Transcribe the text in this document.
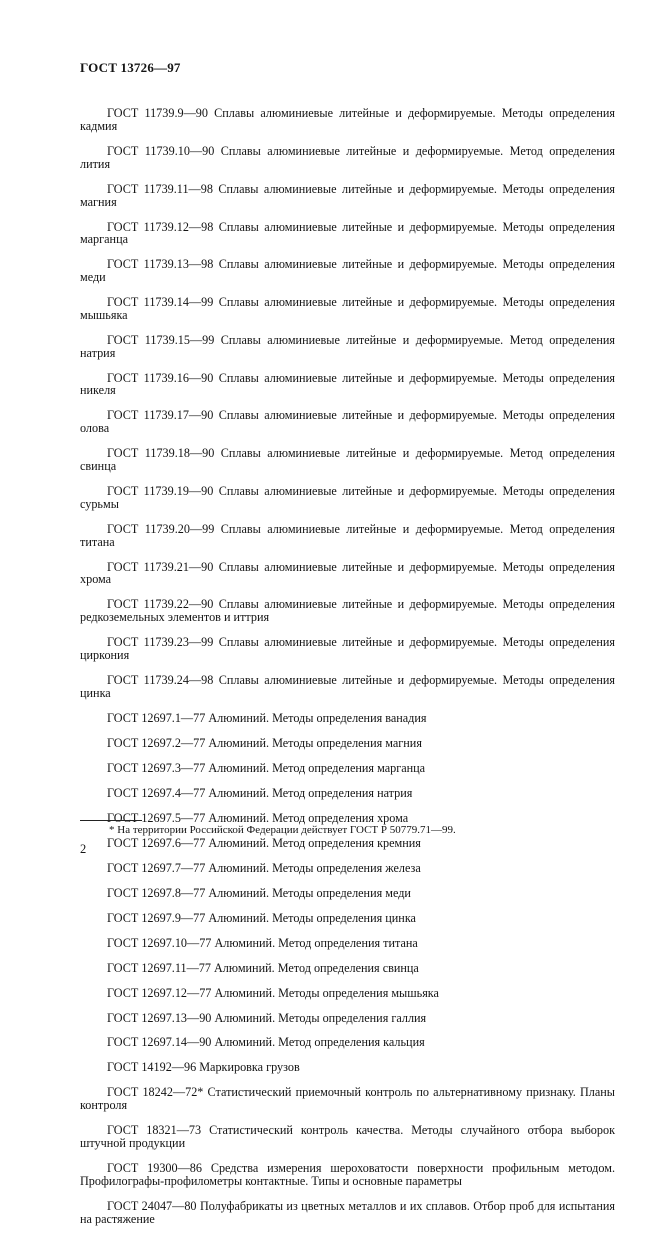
ГОСТ 13726—97

ГОСТ 11739.9—90 Сплавы алюминиевые литейные и деформируемые. Методы определения кадмия

ГОСТ 11739.10—90 Сплавы алюминиевые литейные и деформируемые. Метод определения лития

ГОСТ 11739.11—98 Сплавы алюминиевые литейные и деформируемые. Методы определения магния

ГОСТ 11739.12—98 Сплавы алюминиевые литейные и деформируемые. Методы определения марганца

ГОСТ 11739.13—98 Сплавы алюминиевые литейные и деформируемые. Методы определения меди

ГОСТ 11739.14—99 Сплавы алюминиевые литейные и деформируемые. Методы определения мышьяка

ГОСТ 11739.15—99 Сплавы алюминиевые литейные и деформируемые. Метод определения натрия

ГОСТ 11739.16—90 Сплавы алюминиевые литейные и деформируемые. Методы определения никеля

ГОСТ 11739.17—90 Сплавы алюминиевые литейные и деформируемые. Методы определения олова

ГОСТ 11739.18—90 Сплавы алюминиевые литейные и деформируемые. Метод определения свинца

ГОСТ 11739.19—90 Сплавы алюминиевые литейные и деформируемые. Методы определения сурьмы

ГОСТ 11739.20—99 Сплавы алюминиевые литейные и деформируемые. Метод определения титана

ГОСТ 11739.21—90 Сплавы алюминиевые литейные и деформируемые. Методы определения хрома

ГОСТ 11739.22—90 Сплавы алюминиевые литейные и деформируемые. Методы определения редкоземельных элементов и иттрия

ГОСТ 11739.23—99 Сплавы алюминиевые литейные и деформируемые. Методы определения циркония

ГОСТ 11739.24—98 Сплавы алюминиевые литейные и деформируемые. Методы определения цинка

ГОСТ 12697.1—77 Алюминий. Методы определения ванадия

ГОСТ 12697.2—77 Алюминий. Методы определения магния

ГОСТ 12697.3—77 Алюминий. Метод определения марганца

ГОСТ 12697.4—77 Алюминий. Метод определения натрия

ГОСТ 12697.5—77 Алюминий. Метод определения хрома

ГОСТ 12697.6—77 Алюминий. Метод определения кремния

ГОСТ 12697.7—77 Алюминий. Методы определения железа

ГОСТ 12697.8—77 Алюминий. Методы определения меди

ГОСТ 12697.9—77 Алюминий. Методы определения цинка

ГОСТ 12697.10—77 Алюминий. Метод определения титана

ГОСТ 12697.11—77 Алюминий. Метод определения свинца

ГОСТ 12697.12—77 Алюминий. Методы определения мышьяка

ГОСТ 12697.13—90 Алюминий. Методы определения галлия

ГОСТ 12697.14—90 Алюминий. Метод определения кальция

ГОСТ 14192—96 Маркировка грузов

ГОСТ 18242—72* Статистический приемочный контроль по альтернативному признаку. Планы контроля

ГОСТ 18321—73 Статистический контроль качества. Методы случайного отбора выборок штучной продукции

ГОСТ 19300—86 Средства измерения шероховатости поверхности профильным методом. Профилографы-профилометры контактные. Типы и основные параметры

ГОСТ 24047—80 Полуфабрикаты из цветных металлов и их сплавов. Отбор проб для испытания на растяжение

* На территории Российской Федерации действует ГОСТ Р 50779.71—99.
2
